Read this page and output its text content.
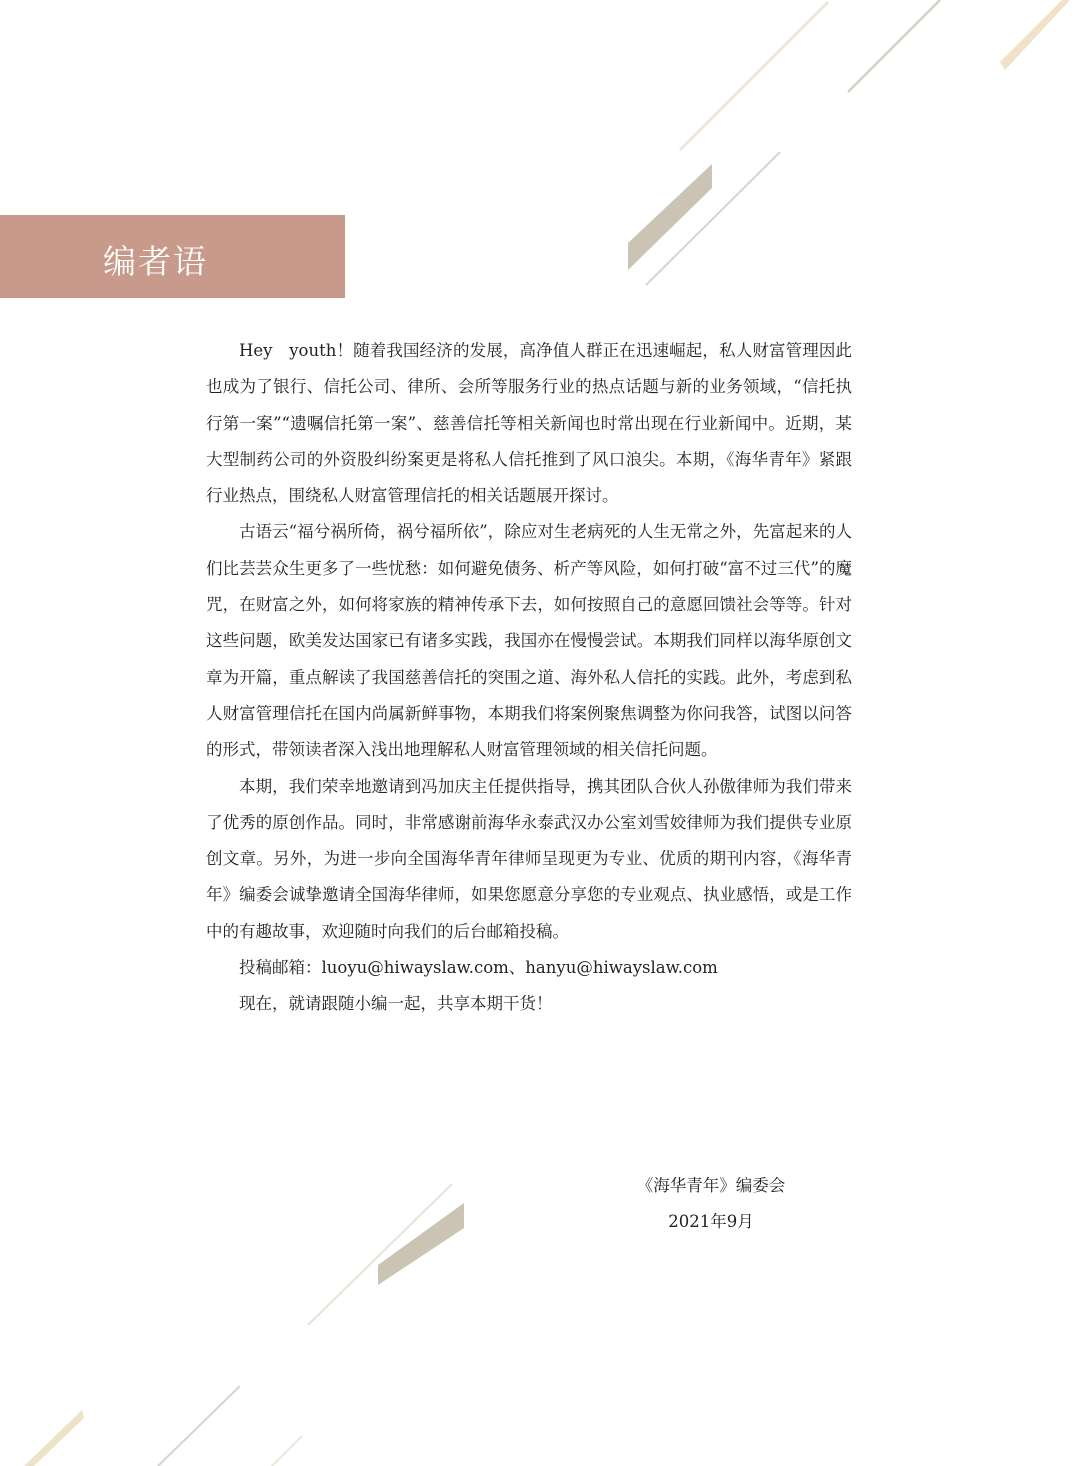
编者语

Hey　youth！随着我国经济的发展，高净值人群正在迅速崛起，私人财富管理因此也成为了银行、信托公司、律所、会所等服务行业的热点话题与新的业务领域，“信托执行第一案”“遗嘱信托第一案”、慈善信托等相关新闻也时常出现在行业新闻中。近期，某大型制药公司的外资股纠纷案更是将私人信托推到了风口浪尖。本期，《海华青年》紧跟行业热点，围绕私人财富管理信托的相关话题展开探讨。

古语云“福兮祸所倚，祸兮福所依”，除应对生老病死的人生无常之外，先富起来的人们比芸芸众生更多了一些忧愁：如何避免债务、析产等风险，如何打破“富不过三代”的魔咒，在财富之外，如何将家族的精神传承下去，如何按照自己的意愿回馈社会等等。针对这些问题，欧美发达国家已有诸多实践，我国亦在慢慢尝试。本期我们同样以海华原创文章为开篇，重点解读了我国慈善信托的突围之道、海外私人信托的实践。此外，考虑到私人财富管理信托在国内尚属新鲜事物，本期我们将案例聚焦调整为你问我答，试图以问答的形式，带领读者深入浅出地理解私人财富管理领域的相关信托问题。

本期，我们荣幸地邀请到冯加庆主任提供指导，携其团队合伙人孙傲律师为我们带来了优秀的原创作品。同时，非常感谢前海华永泰武汉办公室刘雪姣律师为我们提供专业原创文章。另外，为进一步向全国海华青年律师呈现更为专业、优质的期刊内容，《海华青年》编委会诚挚邀请全国海华律师，如果您愿意分享您的专业观点、执业感悟，或是工作中的有趣故事，欢迎随时向我们的后台邮箱投稿。

投稿邮箱：luoyu@hiwayslaw.com、hanyu@hiwayslaw.com

现在，就请跟随小编一起，共享本期干货！

《海华青年》编委会
2021年9月
